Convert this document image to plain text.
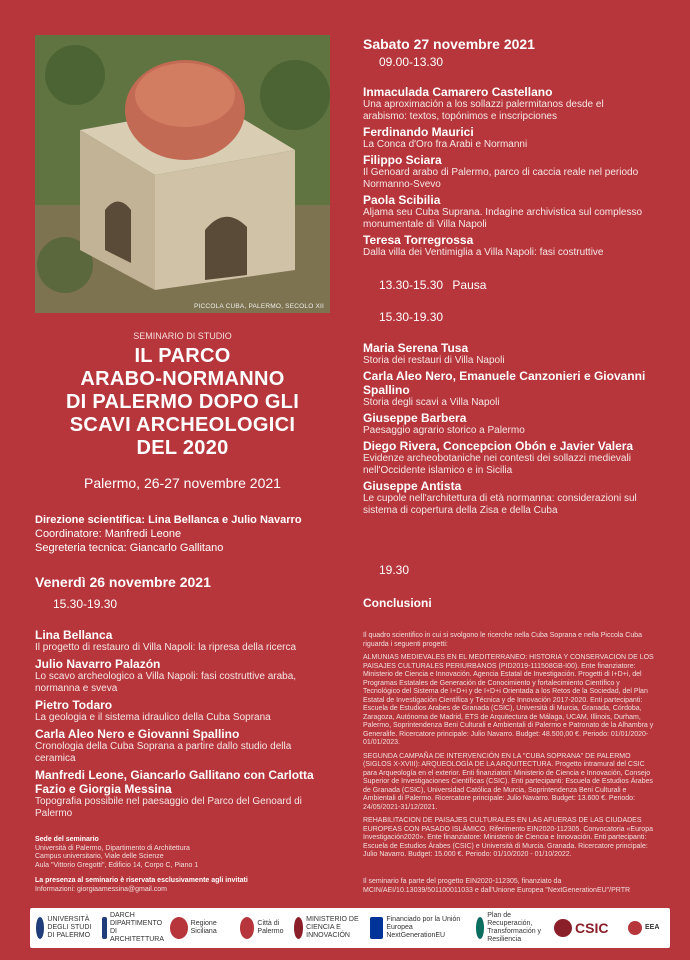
PICCOLA CUBA, PALERMO, SECOLO XII
SEMINARIO DI STUDIO
IL PARCO
ARABO-NORMANNO
DI PALERMO DOPO GLI
SCAVI ARCHEOLOGICI
DEL 2020
Palermo, 26-27 novembre 2021
Direzione scientifica: Lina Bellanca e Julio Navarro
Coordinatore: Manfredi Leone
Segreteria tecnica: Giancarlo Gallitano
Venerdì 26 novembre 2021
15.30-19.30
Lina Bellanca
Il progetto di restauro di Villa Napoli: la ripresa della ricerca
Julio Navarro Palazón
Lo scavo archeologico a Villa Napoli: fasi costruttive araba, normanna e sveva
Pietro Todaro
La geologia e il sistema idraulico della Cuba Soprana
Carla Aleo Nero e Giovanni Spallino
Cronologia della Cuba Soprana a partire dallo studio della ceramica
Manfredi Leone, Giancarlo Gallitano con Carlotta Fazio e Giorgia Messina
Topografia possibile nel paesaggio del Parco del Genoard di Palermo
Sede del seminario
Università di Palermo, Dipartimento di Architettura
Campus universitario, Viale delle Scienze
Aula "Vittorio Gregotti", Edificio 14, Corpo C, Piano 1
La presenza al seminario è riservata esclusivamente agli invitati
Informazioni: giorgiaamessina@gmail.com
Sabato 27 novembre 2021
09.00-13.30
Inmaculada Camarero Castellano
Una aproximación a los sollazzi palermitanos desde el arabismo: textos, topónimos e inscripciones
Ferdinando Maurici
La Conca d'Oro fra Arabi e Normanni
Filippo Sciara
Il Genoard arabo di Palermo, parco di caccia reale nel periodo Normanno-Svevo
Paola Scibilia
Aljama seu Cuba Suprana. Indagine archivistica sul complesso monumentale di Villa Napoli
Teresa Torregrossa
Dalla villa dei Ventimiglia a Villa Napoli: fasi costruttive
13.30-15.30 Pausa
15.30-19.30
Maria Serena Tusa
Storia dei restauri di Villa Napoli
Carla Aleo Nero, Emanuele Canzonieri e Giovanni Spallino
Storia degli scavi a Villa Napoli
Giuseppe Barbera
Paesaggio agrario storico a Palermo
Diego Rivera, Concepcion Obón e Javier Valera
Evidenze archeobotaniche nei contesti dei sollazzi medievali nell'Occidente islamico e in Sicilia
Giuseppe Antista
Le cupole nell'architettura di età normanna: considerazioni sul sistema di copertura della Zisa e della Cuba
19.30
Conclusioni
Il quadro scientifico in cui si svolgono le ricerche nella Cuba Soprana e nella Piccola Cuba riguarda i seguenti progetti:
ALMUNIAS MEDIEVALES EN EL MEDITERRANEO: HISTORIA Y CONSERVACION DE LOS PAISAJES CULTURALES PERIURBANOS (PID2019-111508GB-I00). Ente finanziatore: Ministerio de Ciencia e Innovación. Agencia Estatal de Investigación. Progetti di I+D+i, del Programas Estatales de Generación de Conocimiento y fortalecimiento Científico y Tecnológico del Sistema de I+D+i y de I+D+i Orientada a los Retos de la Sociedad, del Plan Estatal de Investigación Científica y Técnica y de Innovación 2017-2020. Enti partecipanti: Escuela de Estudios Arabes de Granada (CSIC), Università di Murcia, Granada, Córdoba, Zaragoza, Autónoma de Madrid, ETS de Arquitectura de Málaga, UCAM, Illinois, Durham, Palermo, Soprintendenza Beni Culturali e Ambientali di Palermo e Patronato de la Alhambra y Generalife. Ricercatore principale: Julio Navarro. Budget: 48.500,00 €. Periodo: 01/01/2020-01/01/2023.
SEGUNDA CAMPAÑA DE INTERVENCIÓN EN LA "CUBA SOPRANA" DE PALERMO (SIGLOS X-XVIII): ARQUEOLOGÍA DE LA ARQUITECTURA. Progetto intramural del CSIC para Arqueología en el exterior. Enti finanziatori: Ministerio de Ciencia e Innovación, Consejo Superior de Investigaciones Científicas (CSIC). Enti partecipanti: Escuela de Estudios Árabes de Granada (CSIC), Universidad Católica de Murcia, Soprintendenza Beni Culturali e Ambientali di Palermo. Ricercatore principale: Julio Navarro. Budget: 13.600 €. Periodo: 24/05/2021-31/12/2021.
REHABILITACION DE PAISAJES CULTURALES EN LAS AFUERAS DE LAS CIUDADES EUROPEAS CON PASADO ISLÁMICO. Riferimento EIN2020-112305. Convocatoria «Europa Investigación2020». Ente finanziatore: Ministerio de Ciencia e Innovación. Enti partecipanti: Escuela de Estudios Árabes (CSIC) e Università di Murcia. Granada. Ricercatore principale: Julio Navarro. Budget: 15.000 €. Periodo: 01/10/2020 - 01/10/2022.
Il seminario fa parte del progetto EIN2020-112305, finanziato da MCIN/AEI/10.13039/501100011033 e dall'Unione Europea "NextGenerationEU"/PRTR
UNIVERSITÀ DEGLI STUDI DI PALERMO
DARCH DIPARTIMENTO DI ARCHITETTURA
Regione Siciliana
Città di Palermo
MINISTERIO DE CIENCIA E INNOVACIÓN
Financiado por la Unión Europea NextGenerationEU
Plan de Recuperación, Transformación y Resiliencia
CSIC	EEA
